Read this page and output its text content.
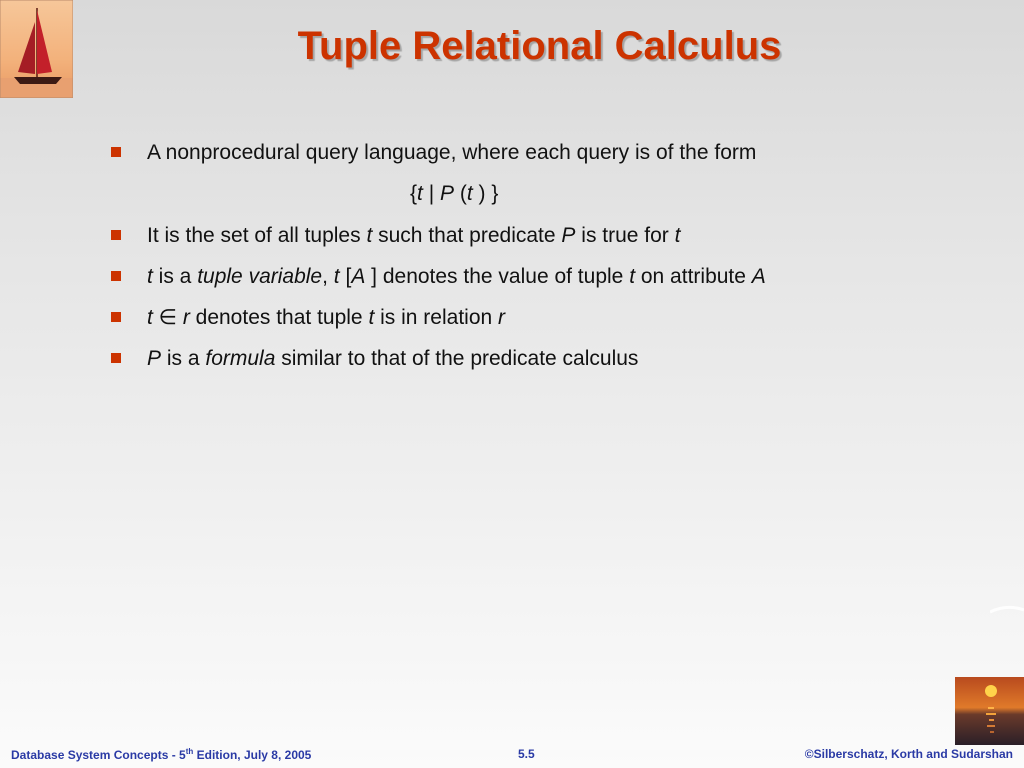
Tuple Relational Calculus
A nonprocedural query language, where each query is of the form
{t | P (t ) }
It is the set of all tuples t such that predicate P is true for t
t is a tuple variable, t [A ] denotes the value of tuple t on attribute A
t ∈ r denotes that tuple t is in relation r
P is a formula similar to that of the predicate calculus
Database System Concepts - 5th Edition, July 8, 2005	5.5	©Silberschatz, Korth and Sudarshan
